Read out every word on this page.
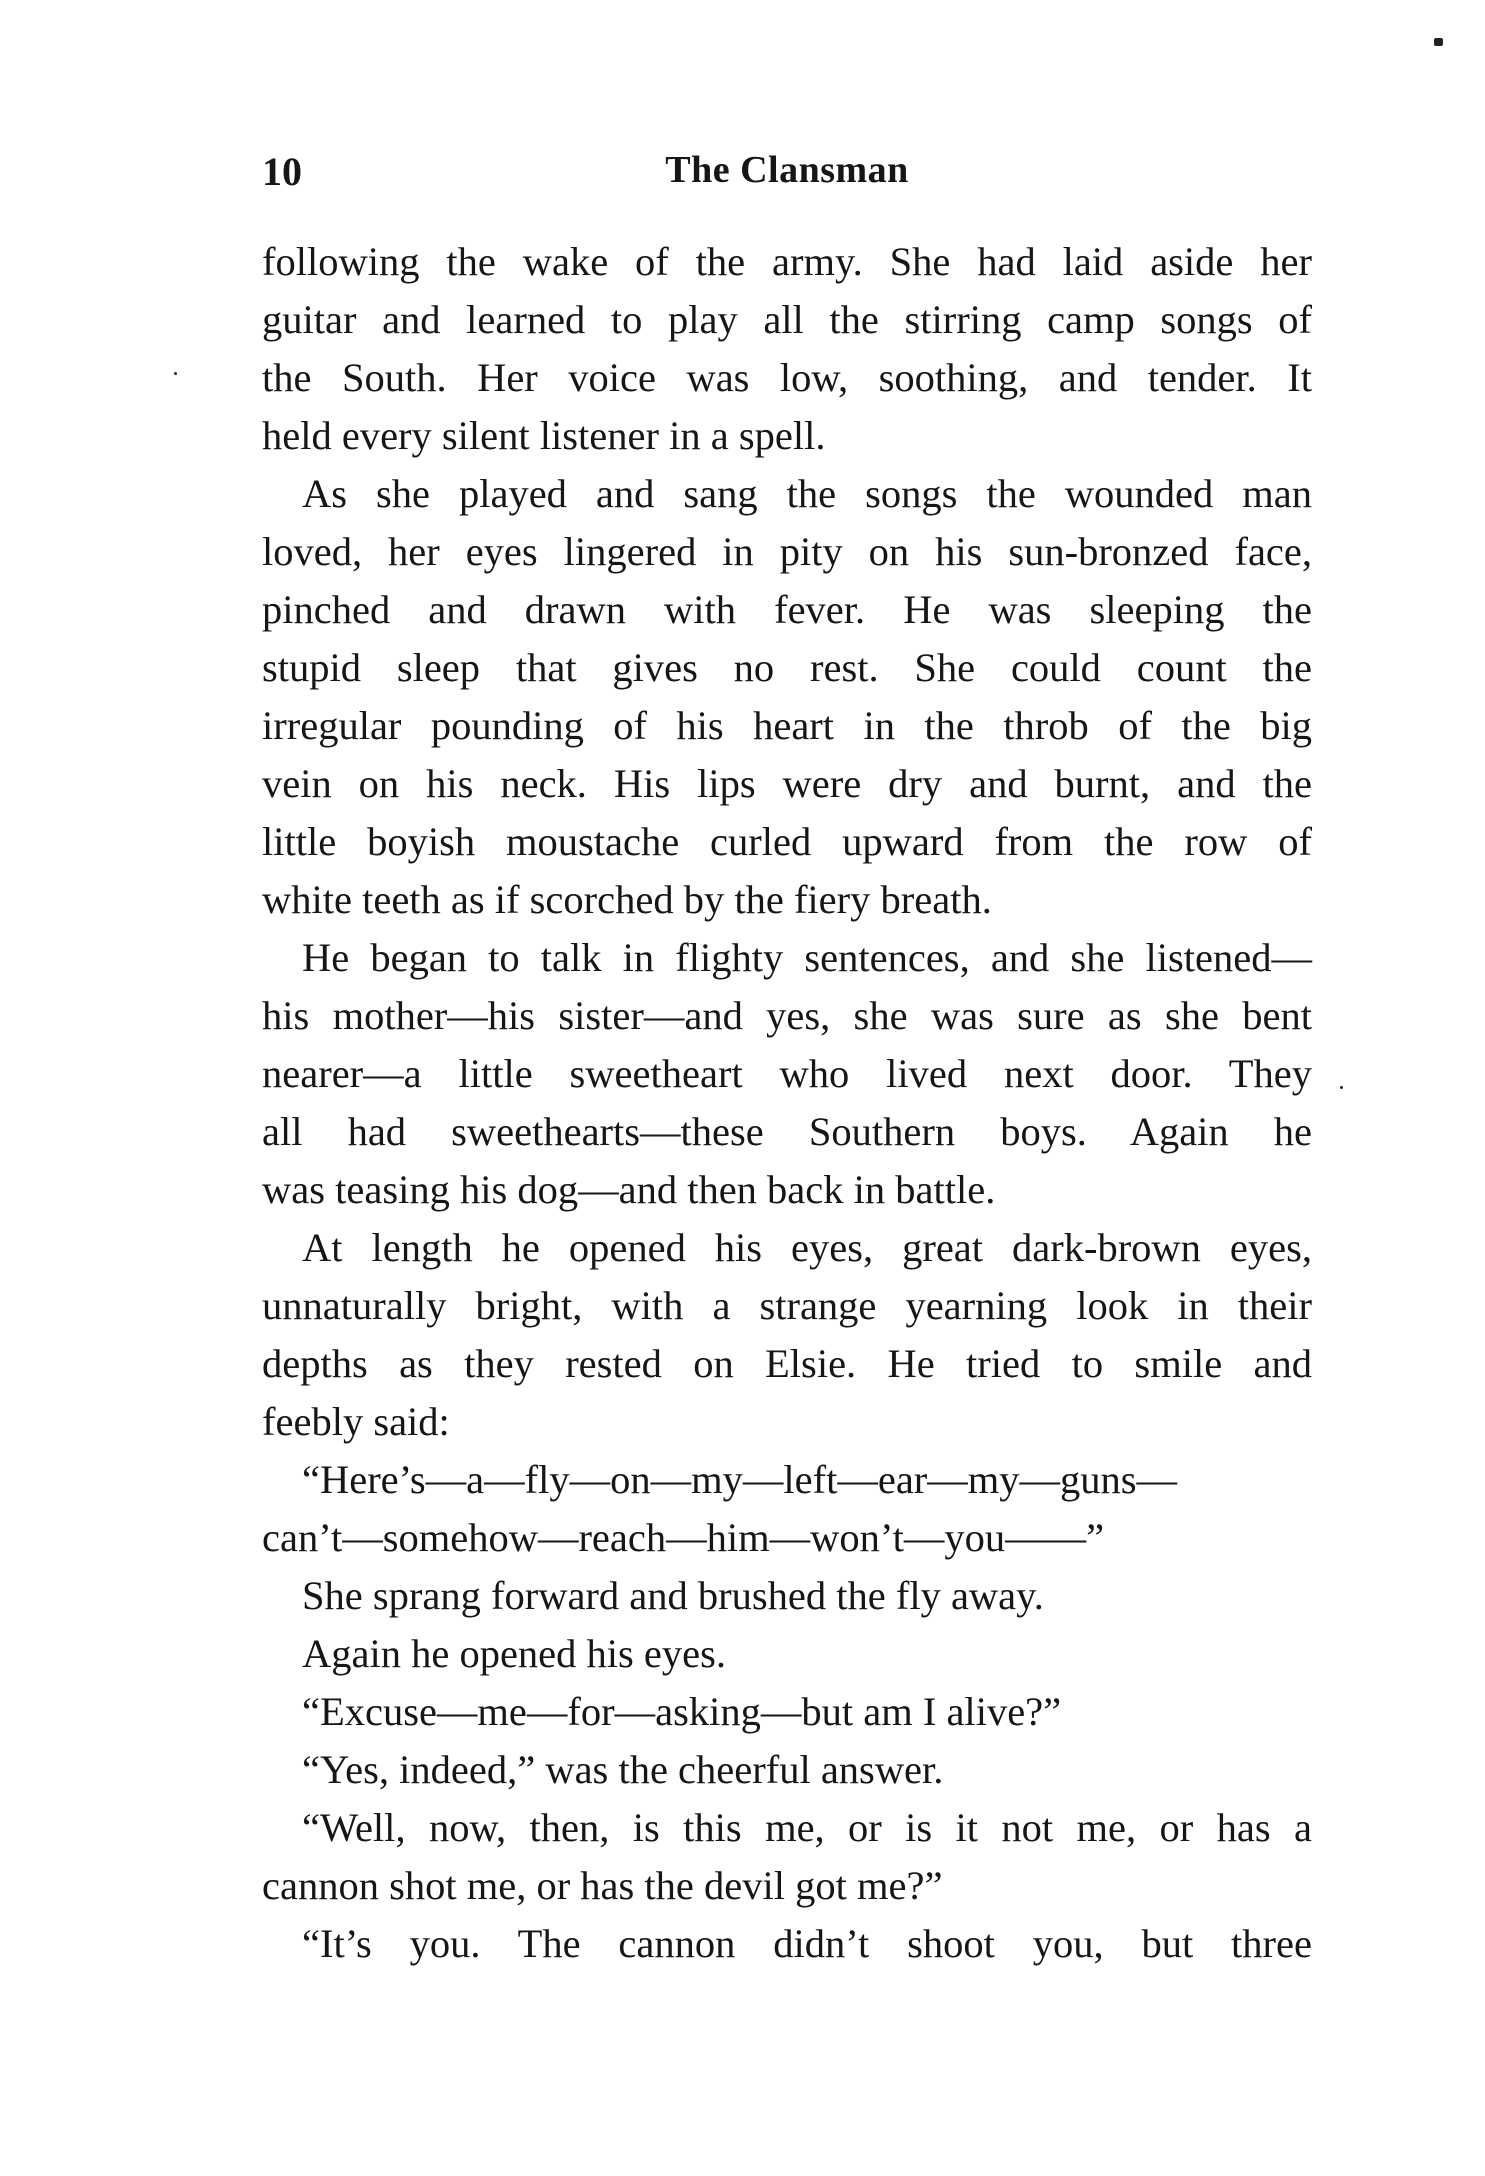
10	The Clansman
following the wake of the army. She had laid aside her
guitar and learned to play all the stirring camp songs of
the South. Her voice was low, soothing, and tender. It
held every silent listener in a spell.
As she played and sang the songs the wounded man
loved, her eyes lingered in pity on his sun-bronzed face,
pinched and drawn with fever. He was sleeping the
stupid sleep that gives no rest. She could count the
irregular pounding of his heart in the throb of the big
vein on his neck. His lips were dry and burnt, and the
little boyish moustache curled upward from the row of
white teeth as if scorched by the fiery breath.
He began to talk in flighty sentences, and she listened—
his mother—his sister—and yes, she was sure as she bent
nearer—a little sweetheart who lived next door. They
all had sweethearts—these Southern boys. Again he
was teasing his dog—and then back in battle.
At length he opened his eyes, great dark-brown eyes,
unnaturally bright, with a strange yearning look in their
depths as they rested on Elsie. He tried to smile and
feebly said:
“Here’s—a—fly—on—my—left—ear—my—guns—
can’t—somehow—reach—him—won’t—you——”
She sprang forward and brushed the fly away.
Again he opened his eyes.
“Excuse—me—for—asking—but am I alive?”
“Yes, indeed,” was the cheerful answer.
“Well, now, then, is this me, or is it not me, or has a
cannon shot me, or has the devil got me?”
“It’s you. The cannon didn’t shoot you, but three
